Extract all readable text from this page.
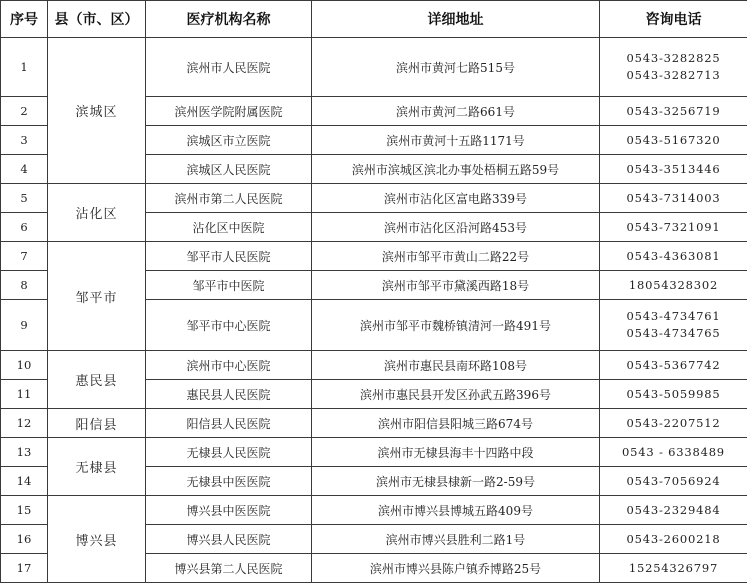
序号	县（市、区）	医疗机构名称	详细地址	咨询电话
1	滨城区	滨州市人民医院	滨州市黄河七路515号	0543-3282825
0543-3282713

2		滨州医学院附属医院	滨州市黄河二路661号	0543-3256719

3		滨城区市立医院	滨州市黄河十五路1171号	0543-5167320

4		滨城区人民医院	滨州市滨城区滨北办事处梧桐五路59号	0543-3513446

5	沾化区	滨州市第二人民医院	滨州市沾化区富电路339号	0543-7314003

6		沾化区中医院	滨州市沾化区沿河路453号	0543-7321091

7	邹平市	邹平市人民医院	滨州市邹平市黄山二路22号	0543-4363081

8		邹平市中医院	滨州市邹平市黛溪西路18号	18054328302

9		邹平市中心医院	滨州市邹平市魏桥镇清河一路491号	0543-4734761
0543-4734765

10	惠民县	滨州市中心医院	滨州市惠民县南环路108号	0543-5367742

11		惠民县人民医院	滨州市惠民县开发区孙武五路396号	0543-5059985

12	阳信县	阳信县人民医院	滨州市阳信县阳城三路674号	0543-2207512

13	无棣县	无棣县人民医院	滨州市无棣县海丰十四路中段	0543 - 6338489

14		无棣县中医医院	滨州市无棣县棣新一路2-59号	0543-7056924

15	博兴县	博兴县中医医院	滨州市博兴县博城五路409号	0543-2329484

16		博兴县人民医院	滨州市博兴县胜利二路1号	0543-2600218

17		博兴县第二人民医院	滨州市博兴县陈户镇乔博路25号	15254326797
